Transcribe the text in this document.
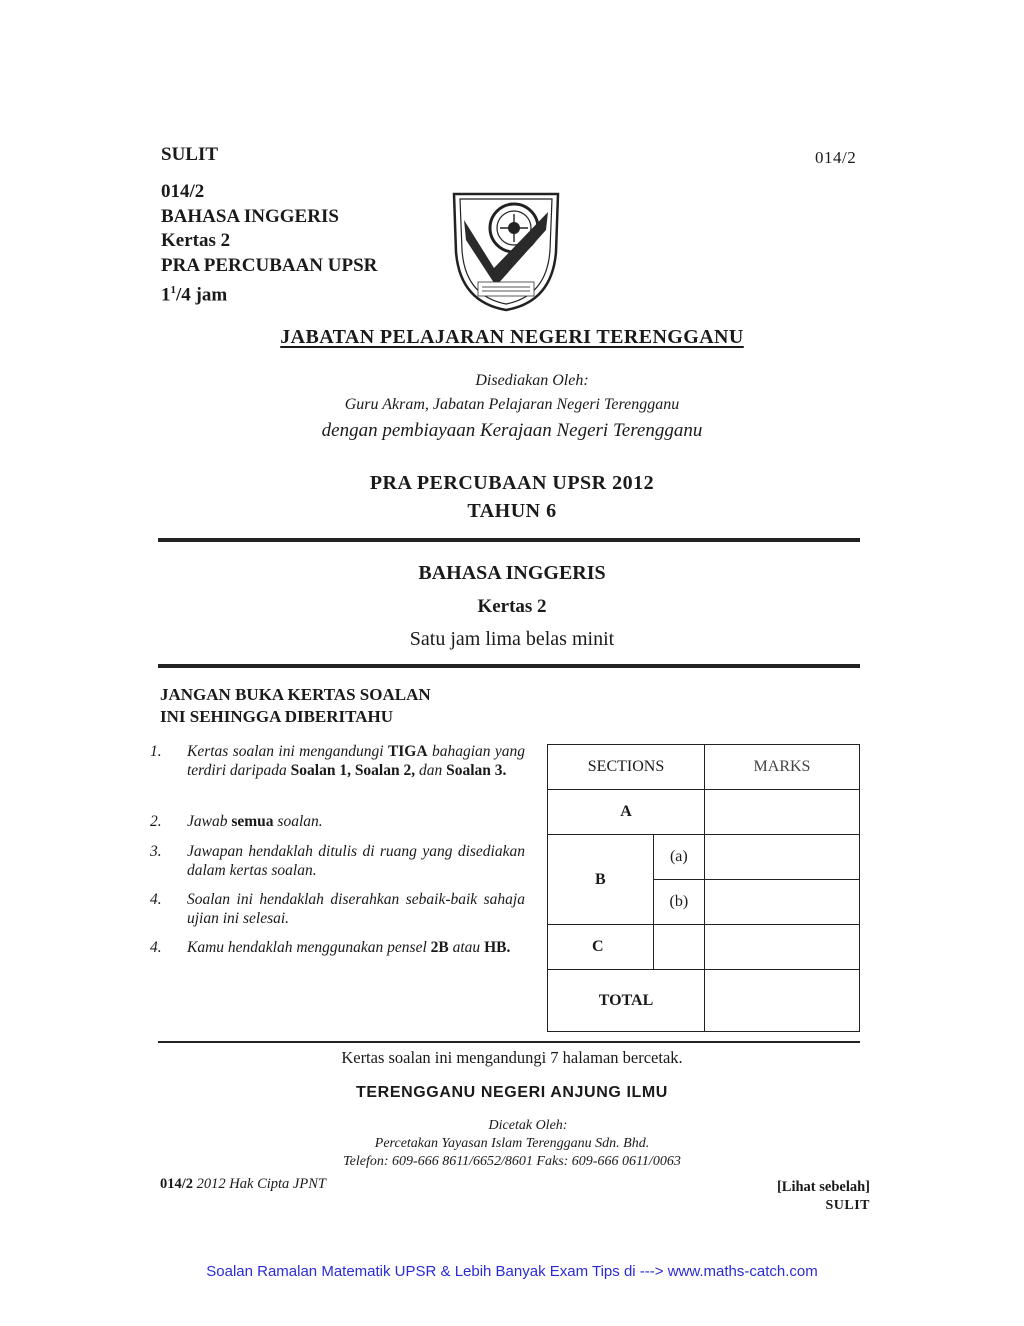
SULIT	014/2
014/2
BAHASA INGGERIS
Kertas 2
PRA PERCUBAAN UPSR
$1^1/4$ jam
JABATAN PELAJARAN NEGERI TERENGGANU
Disediakan Oleh:
Guru Akram, Jabatan Pelajaran Negeri Terengganu
dengan pembiayaan Kerajaan Negeri Terengganu
PRA PERCUBAAN UPSR 2012
TAHUN 6
BAHASA INGGERIS
Kertas 2
Satu jam lima belas minit
JANGAN BUKA KERTAS SOALAN
INI SEHINGGA DIBERITAHU
1.	Kertas soalan ini mengandungi TIGA bahagian yang terdiri daripada Soalan 1, Soalan 2, dan Soalan 3.
2.	Jawab semua soalan.
3.	Jawapan hendaklah ditulis di ruang yang disediakan dalam kertas soalan.
4.	Soalan ini hendaklah diserahkan sebaik-baik sahaja ujian ini selesai.
4.	Kamu hendaklah menggunakan pensel 2B atau HB.
SECTIONS		MARKS
A		
B	(a)	
	(b)	
C		
TOTAL		
Kertas soalan ini mengandungi 7 halaman bercetak.
TERENGGANU NEGERI ANJUNG ILMU
Dicetak Oleh:
Percetakan Yayasan Islam Terengganu Sdn. Bhd.
Telefon: 609-666 8611/6652/8601 Faks: 609-666 0611/0063
014/2 2012 Hak Cipta JPNT	[Lihat sebelah]
SULIT
Soalan Ramalan Matematik UPSR & Lebih Banyak Exam Tips di ---> www.maths-catch.com
